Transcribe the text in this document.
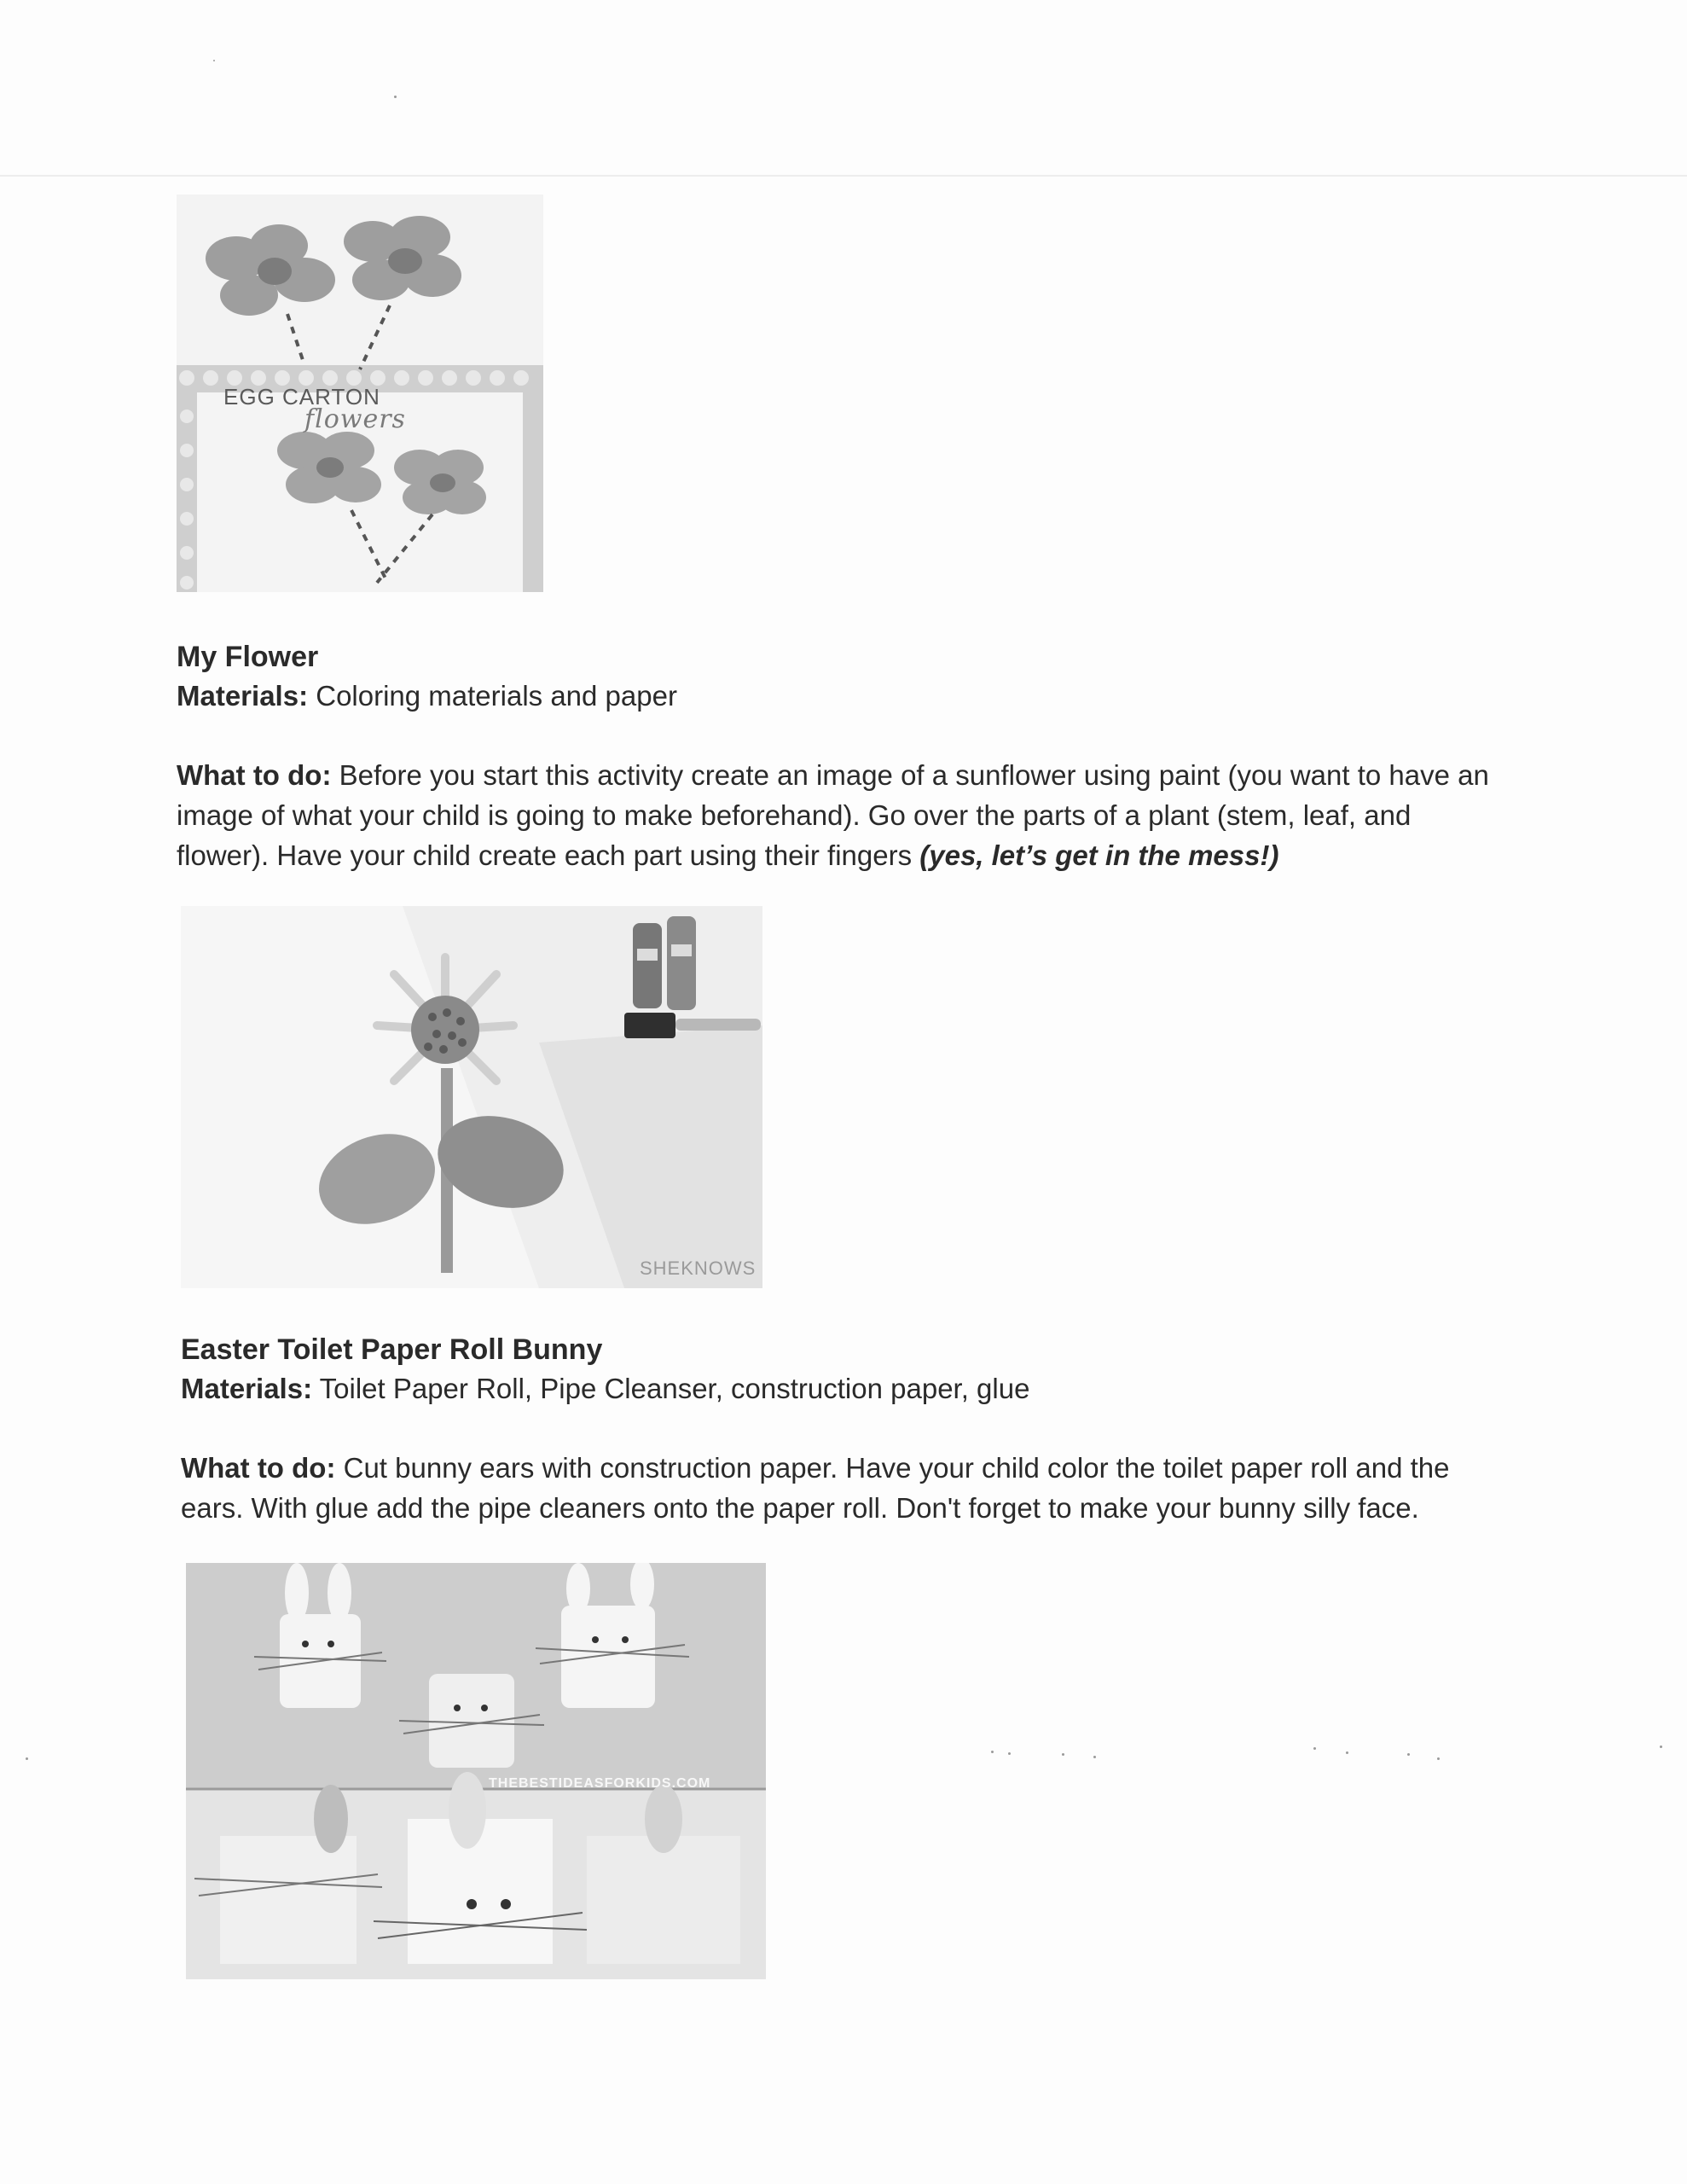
EGG CARTON
flowers
My Flower

Materials: Coloring materials and paper

What to do: Before you start this activity create an image of a sunflower using paint (you want to have an image of what your child is going to make beforehand). Go over the parts of a plant (stem, leaf, and flower). Have your child create each part using their fingers (yes, let’s get in the mess!)

SHEKNOWS
Easter Toilet Paper Roll Bunny

Materials: Toilet Paper Roll, Pipe Cleanser, construction paper, glue

What to do: Cut bunny ears with construction paper. Have your child color the toilet paper roll and the ears. With glue add the pipe cleaners onto the paper roll. Don't forget to make your bunny silly face.

THEBESTIDEASFORKIDS.COM
